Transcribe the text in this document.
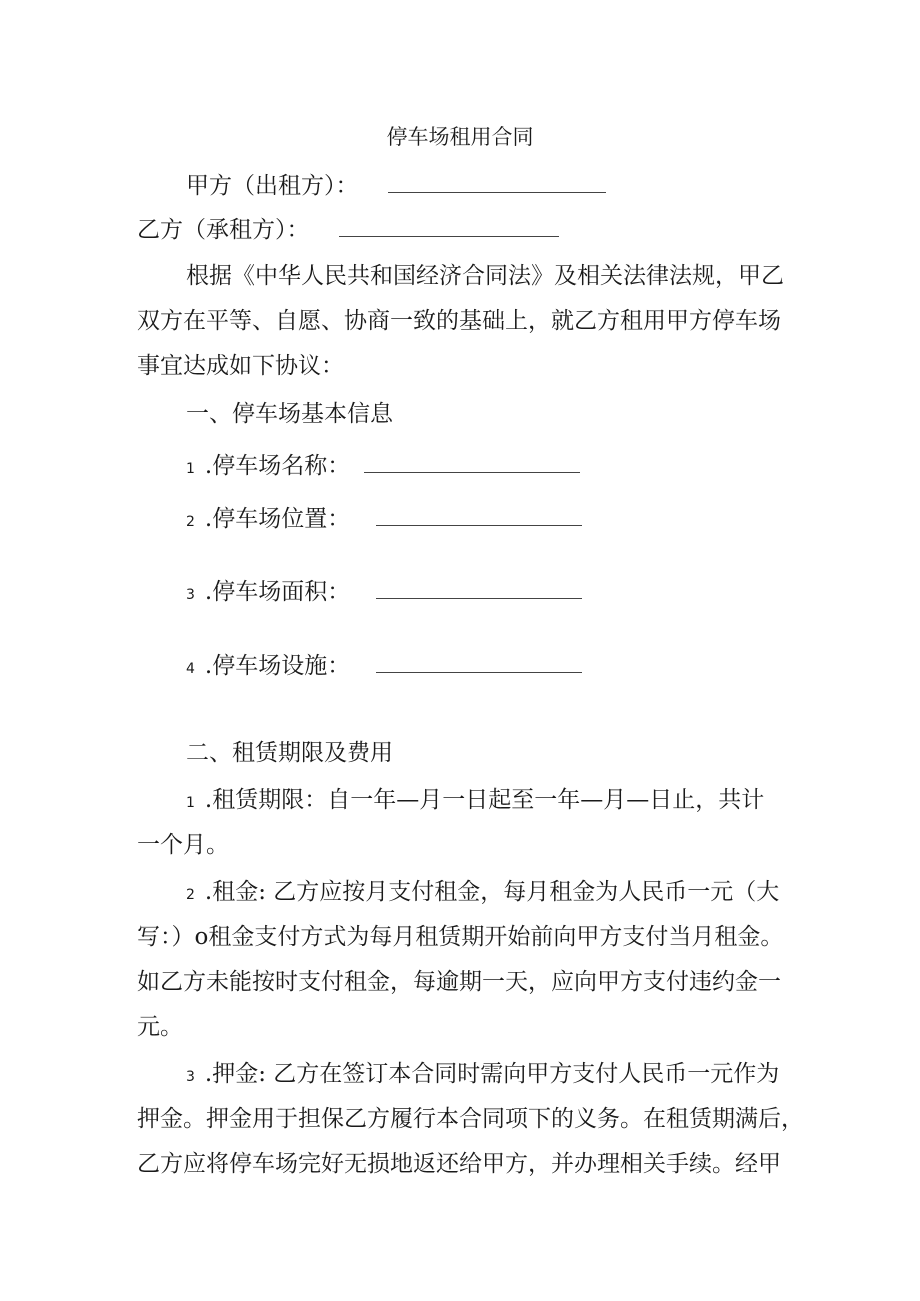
停车场租用合同
甲方（出租方）：
乙方（承租方）：
根据《中华人民共和国经济合同法》及相关法律法规，甲乙
双方在平等、自愿、协商一致的基础上，就乙方租用甲方停车场
事宜达成如下协议：
一、停车场基本信息
1 .停车场名称：
2 .停车场位置：
3 .停车场面积：
4 .停车场设施：
二、租赁期限及费用
1 .租赁期限：自一年—月一日起至一年—月—日止，共计
一个月。
2 .租金: 乙方应按月支付租金，每月租金为人民币一元（大
写：）o租金支付方式为每月租赁期开始前向甲方支付当月租金。
如乙方未能按时支付租金，每逾期一天，应向甲方支付违约金一
元。
3 .押金: 乙方在签订本合同时需向甲方支付人民币一元作为
押金。押金用于担保乙方履行本合同项下的义务。在租赁期满后，
乙方应将停车场完好无损地返还给甲方，并办理相关手续。经甲
